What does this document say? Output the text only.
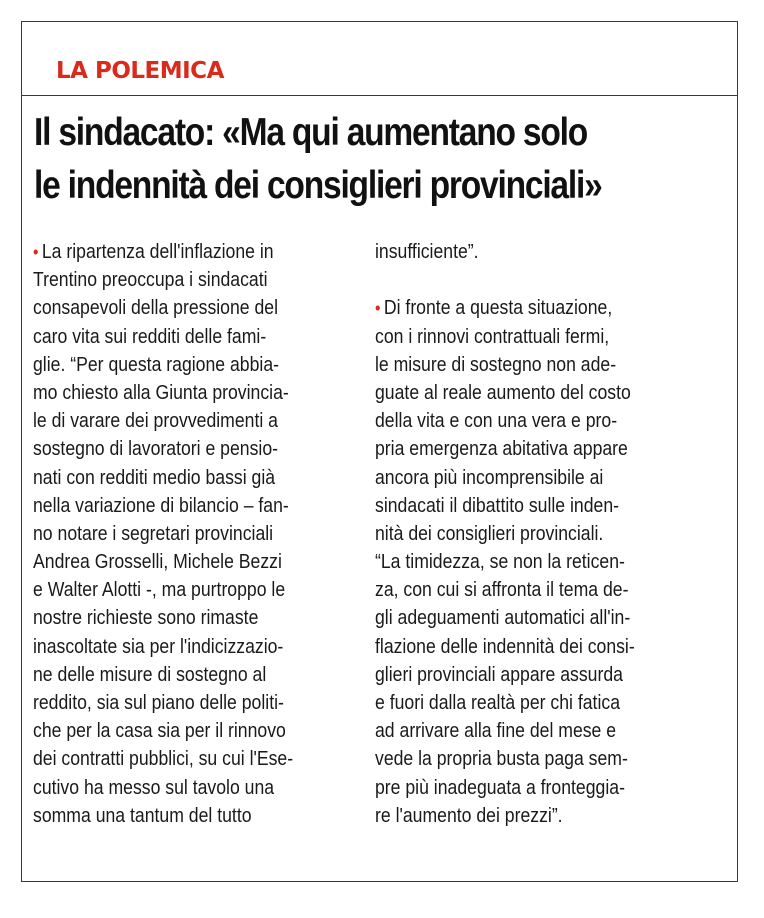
LA POLEMICA
Il sindacato: «Ma qui aumentano solo
le indennità dei consiglieri provinciali»
• La ripartenza dell'inflazione in
Trentino preoccupa i sindacati
consapevoli della pressione del
caro vita sui redditi delle fami-
glie. “Per questa ragione abbia-
mo chiesto alla Giunta provincia-
le di varare dei provvedimenti a
sostegno di lavoratori e pensio-
nati con redditi medio bassi già
nella variazione di bilancio – fan-
no notare i segretari provinciali
Andrea Grosselli, Michele Bezzi
e Walter Alotti -, ma purtroppo le
nostre richieste sono rimaste
inascoltate sia per l'indicizzazio-
ne delle misure di sostegno al
reddito, sia sul piano delle politi-
che per la casa sia per il rinnovo
dei contratti pubblici, su cui l'Ese-
cutivo ha messo sul tavolo una
somma una tantum del tutto
insufficiente”.
• Di fronte a questa situazione,
con i rinnovi contrattuali fermi,
le misure di sostegno non ade-
guate al reale aumento del costo
della vita e con una vera e pro-
pria emergenza abitativa appare
ancora più incomprensibile ai
sindacati il dibattito sulle inden-
nità dei consiglieri provinciali.
“La timidezza, se non la reticen-
za, con cui si affronta il tema de-
gli adeguamenti automatici all'in-
flazione delle indennità dei consi-
glieri provinciali appare assurda
e fuori dalla realtà per chi fatica
ad arrivare alla fine del mese e
vede la propria busta paga sem-
pre più inadeguata a fronteggia-
re l'aumento dei prezzi”.
